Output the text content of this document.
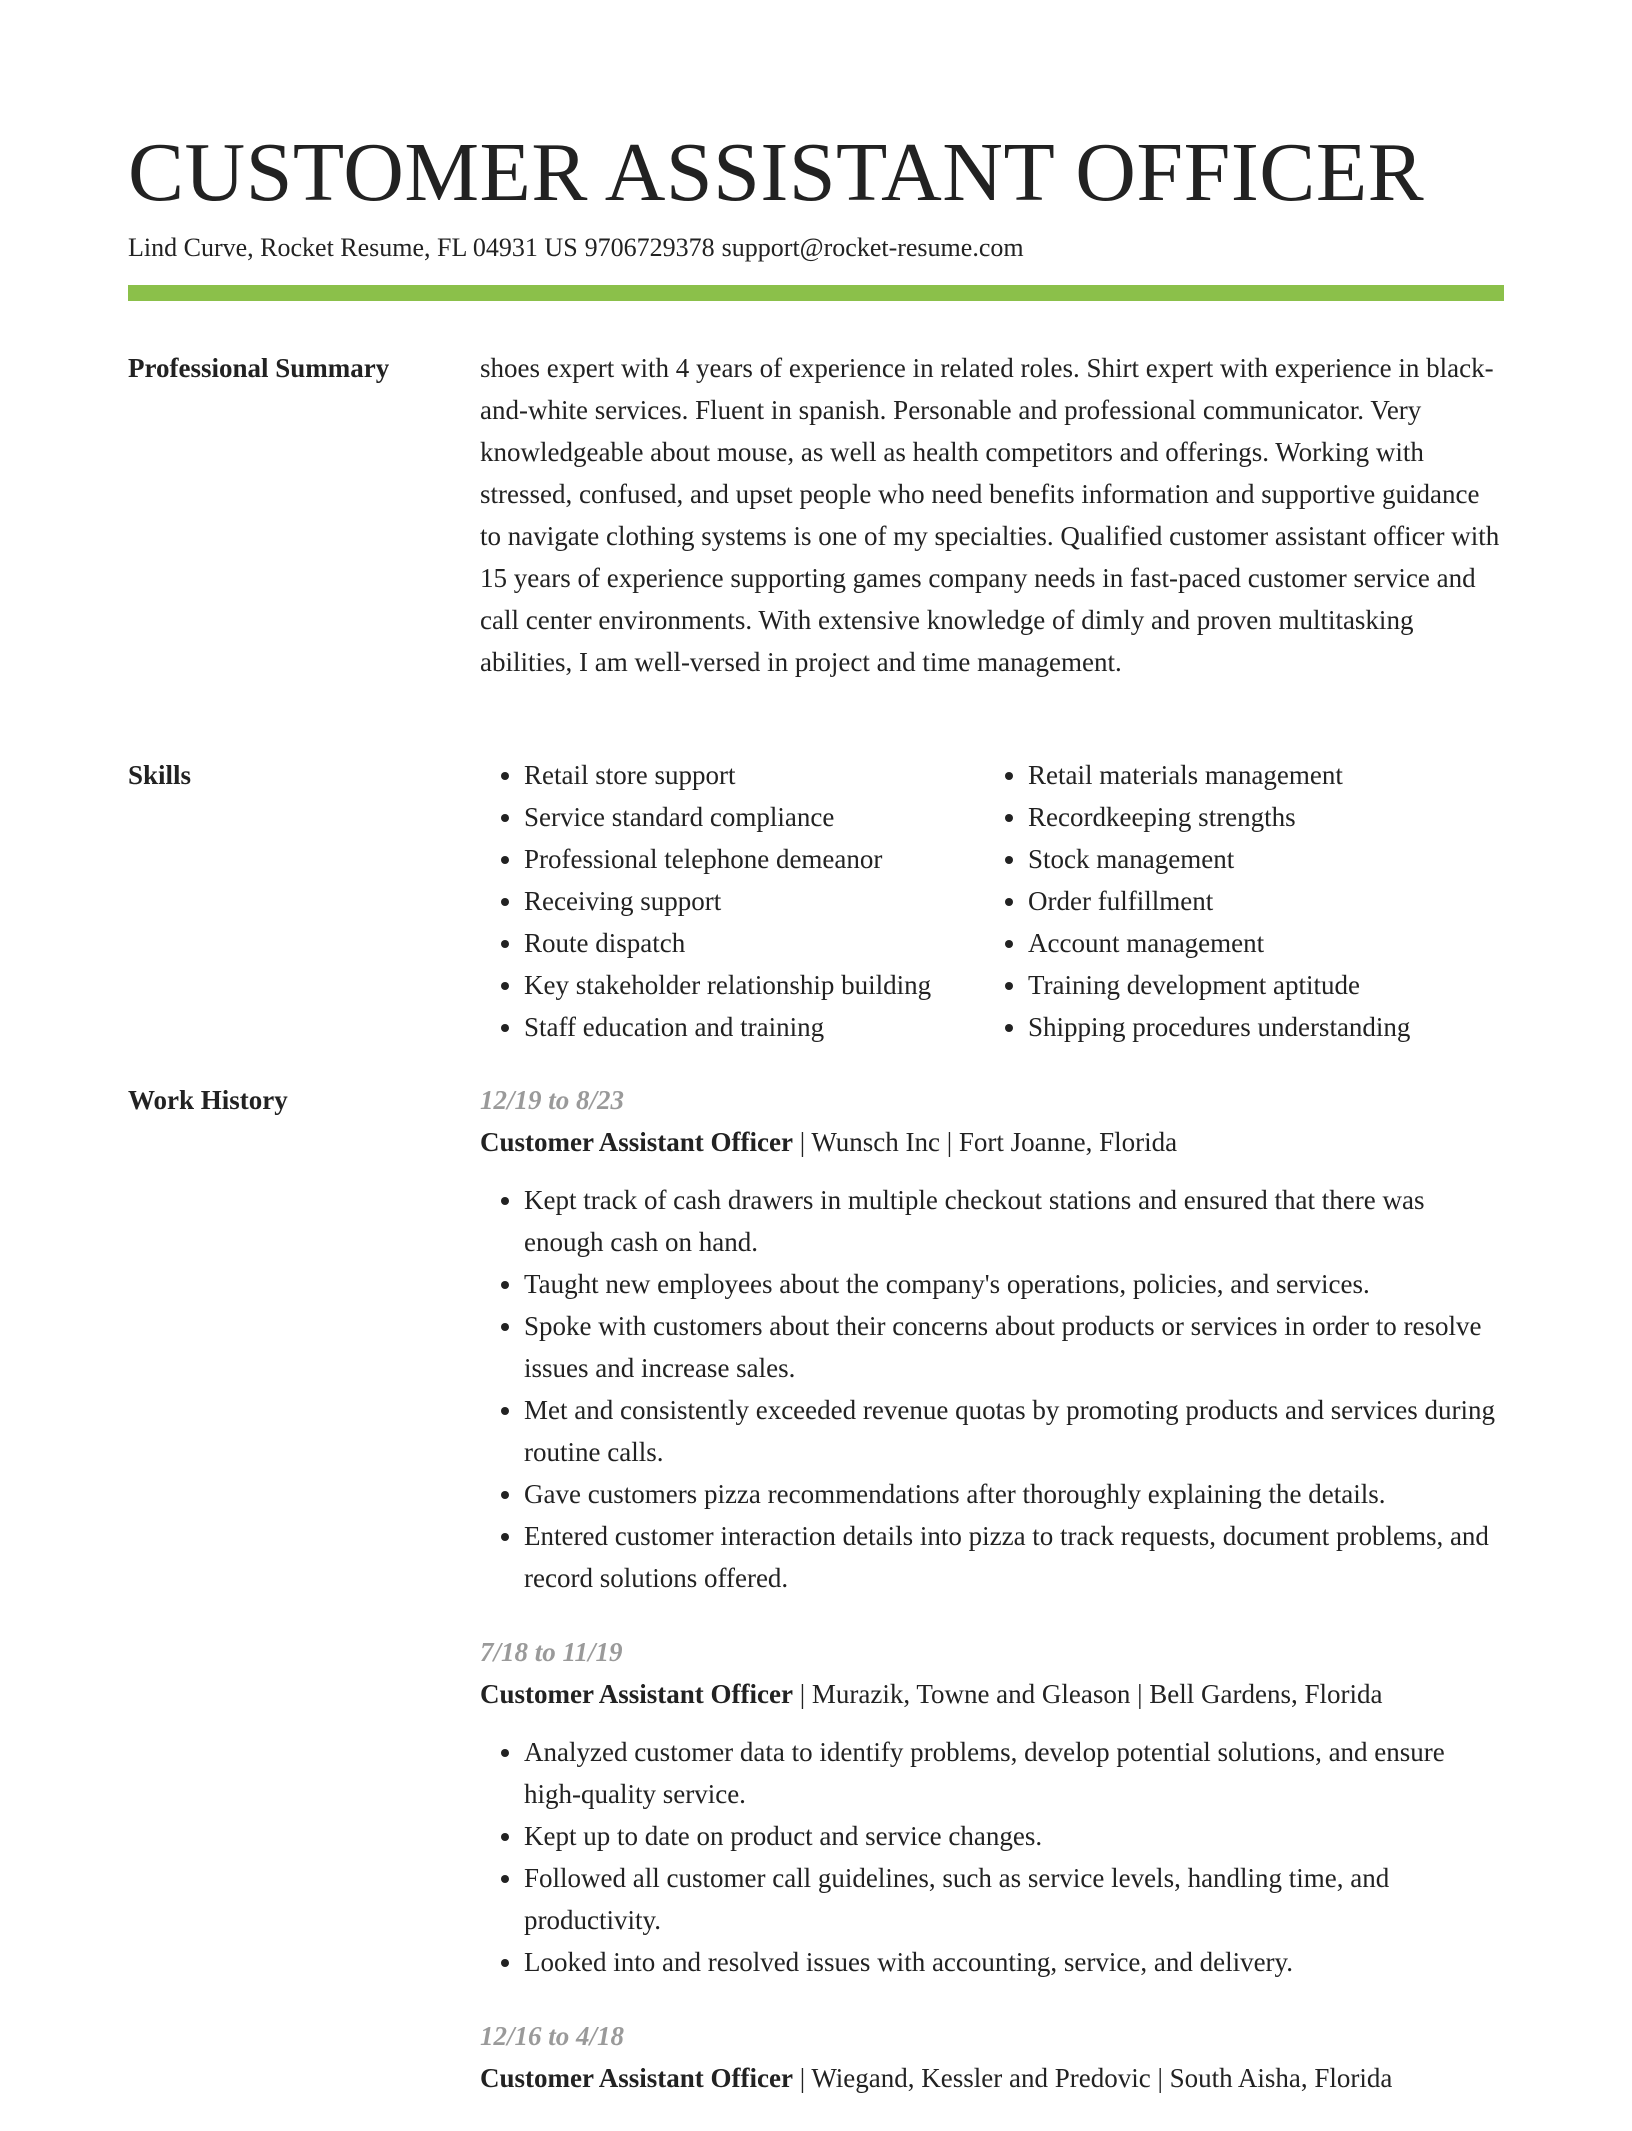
CUSTOMER ASSISTANT OFFICER
Lind Curve, Rocket Resume, FL 04931 US 9706729378 support@rocket-resume.com
Professional Summary	shoes expert with 4 years of experience in related roles. Shirt expert with experience in black-and-white services. Fluent in spanish. Personable and professional communicator. Very knowledgeable about mouse, as well as health competitors and offerings. Working with stressed, confused, and upset people who need benefits information and supportive guidance to navigate clothing systems is one of my specialties. Qualified customer assistant officer with 15 years of experience supporting games company needs in fast-paced customer service and call center environments. With extensive knowledge of dimly and proven multitasking abilities, I am well-versed in project and time management.

Skills
•	Retail store support
• Service standard compliance
• Professional telephone demeanor
• Receiving support
• Route dispatch
• Key stakeholder relationship building
• Staff education and training
• Retail materials management
• Recordkeeping strengths
• Stock management
• Order fulfillment
• Account management
• Training development aptitude
• Shipping procedures understanding
Work History	12/19 to 8/23
Customer Assistant Officer | Wunsch Inc | Fort Joanne, Florida
• Kept track of cash drawers in multiple checkout stations and ensured that there was enough cash on hand.
• Taught new employees about the company's operations, policies, and services.
• Spoke with customers about their concerns about products or services in order to resolve issues and increase sales.
• Met and consistently exceeded revenue quotas by promoting products and services during routine calls.
• Gave customers pizza recommendations after thoroughly explaining the details.
• Entered customer interaction details into pizza to track requests, document problems, and record solutions offered.
7/18 to 11/19
Customer Assistant Officer | Murazik, Towne and Gleason | Bell Gardens, Florida
• Analyzed customer data to identify problems, develop potential solutions, and ensure high-quality service.
• Kept up to date on product and service changes.
• Followed all customer call guidelines, such as service levels, handling time, and productivity.
• Looked into and resolved issues with accounting, service, and delivery.
12/16 to 4/18
Customer Assistant Officer | Wiegand, Kessler and Predovic | South Aisha, Florida
